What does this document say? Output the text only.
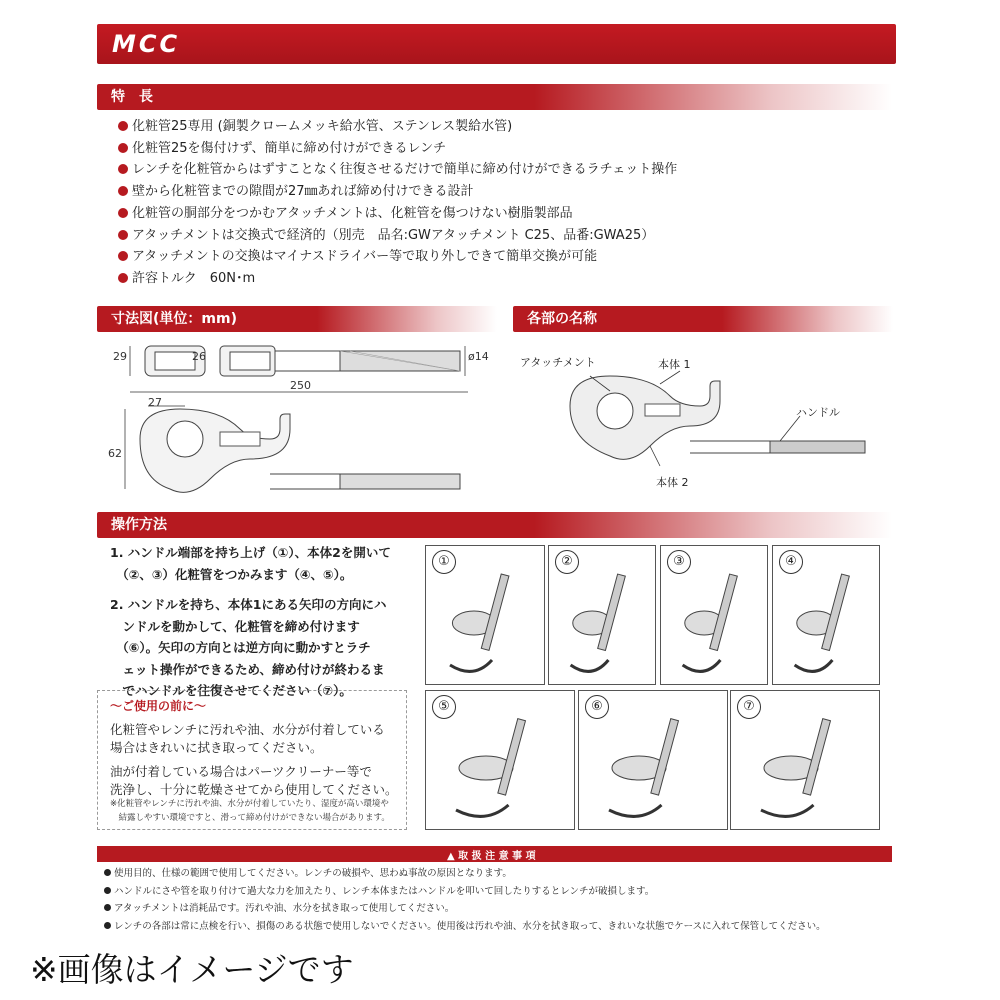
MCC
特　長
化粧管25専用 (銅製クロームメッキ給水管、ステンレス製給水管)
化粧管25を傷付けず、簡単に締め付けができるレンチ
レンチを化粧管からはずすことなく往復させるだけで簡単に締め付けができるラチェット操作
壁から化粧管までの隙間が27㎜あれば締め付けできる設計
化粧管の胴部分をつかむアタッチメントは、化粧管を傷つけない樹脂製部品
アタッチメントは交換式で経済的（別売　品名:GWアタッチメント C25、品番:GWA25）
アタッチメントの交換はマイナスドライバー等で取り外しできて簡単交換が可能
許容トルク　60N･m
寸法図(単位：mm)
29	26	ø14
250
27
62
各部の名称
アタッチメント	本体 1
ハンドル
本体 2
操作方法
1. ハンドル端部を持ち上げ（①）、本体2を開いて
　（②、③）化粧管をつかみます（④、⑤）。
2. ハンドルを持ち、本体1にある矢印の方向にハ
　ンドルを動かして、化粧管を締め付けます
　（⑥）。矢印の方向とは逆方向に動かすとラチ
　ェット操作ができるため、締め付けが終わるま
　でハンドルを往復させてください（⑦）。
①	②	③	④
⑤	⑥	⑦
〜ご使用の前に〜
化粧管やレンチに汚れや油、水分が付着している
場合はきれいに拭き取ってください。
油が付着している場合はパーツクリーナー等で
洗浄し、十分に乾燥させてから使用してください。
※化粧管やレンチに汚れや油、水分が付着していたり、湿度が高い環境や
　結露しやすい環境ですと、滑って締め付けができない場合があります。
▲ 取 扱 注 意 事 項
使用目的、仕様の範囲で使用してください。レンチの破損や、思わぬ事故の原因となります。
ハンドルにさや管を取り付けて過大な力を加えたり、レンチ本体またはハンドルを叩いて回したりするとレンチが破損します。
アタッチメントは消耗品です。汚れや油、水分を拭き取って使用してください。
レンチの各部は常に点検を行い、損傷のある状態で使用しないでください。使用後は汚れや油、水分を拭き取って、きれいな状態でケースに入れて保管してください。
※画像はイメージです
